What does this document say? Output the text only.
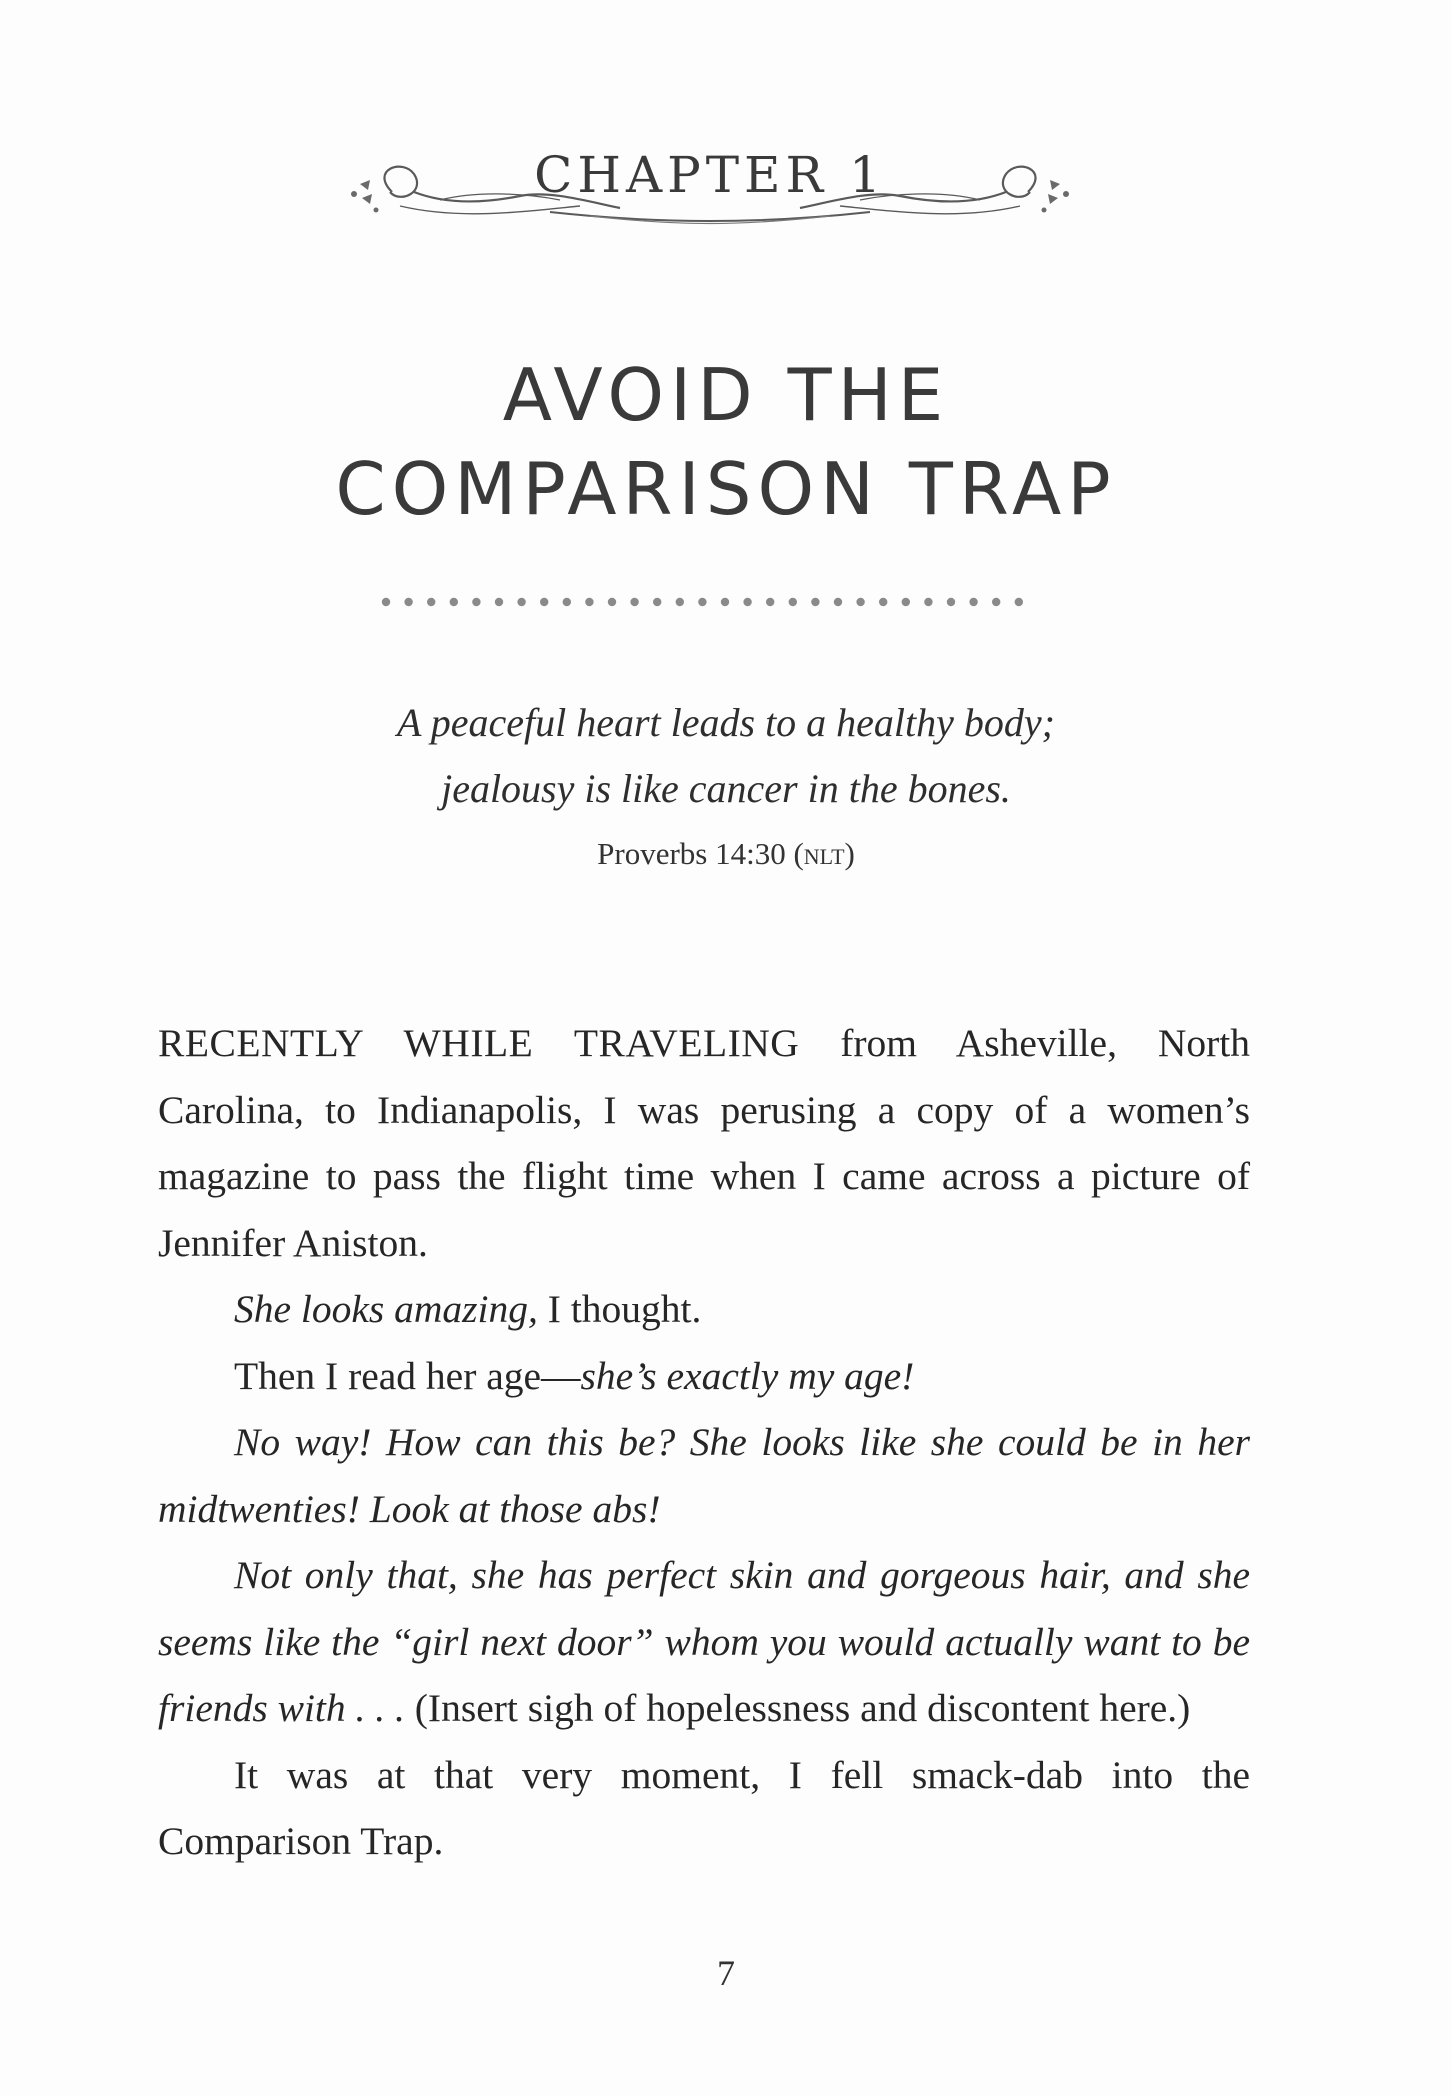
CHAPTER 1
AVOID THE
COMPARISON TRAP
A peaceful heart leads to a healthy body;
jealousy is like cancer in the bones.
Proverbs 14:30 (nlt)

RECENTLY WHILE TRAVELING from Asheville, North Carolina, to Indianapolis, I was perusing a copy of a women’s magazine to pass the flight time when I came across a picture of Jennifer Aniston.

She looks amazing, I thought.

Then I read her age—she’s exactly my age!

No way! How can this be? She looks like she could be in her midtwenties! Look at those abs!

Not only that, she has perfect skin and gorgeous hair, and she seems like the “girl next door” whom you would actually want to be friends with . . . (Insert sigh of hopelessness and discontent here.)

It was at that very moment, I fell smack-dab into the Comparison Trap.

7
